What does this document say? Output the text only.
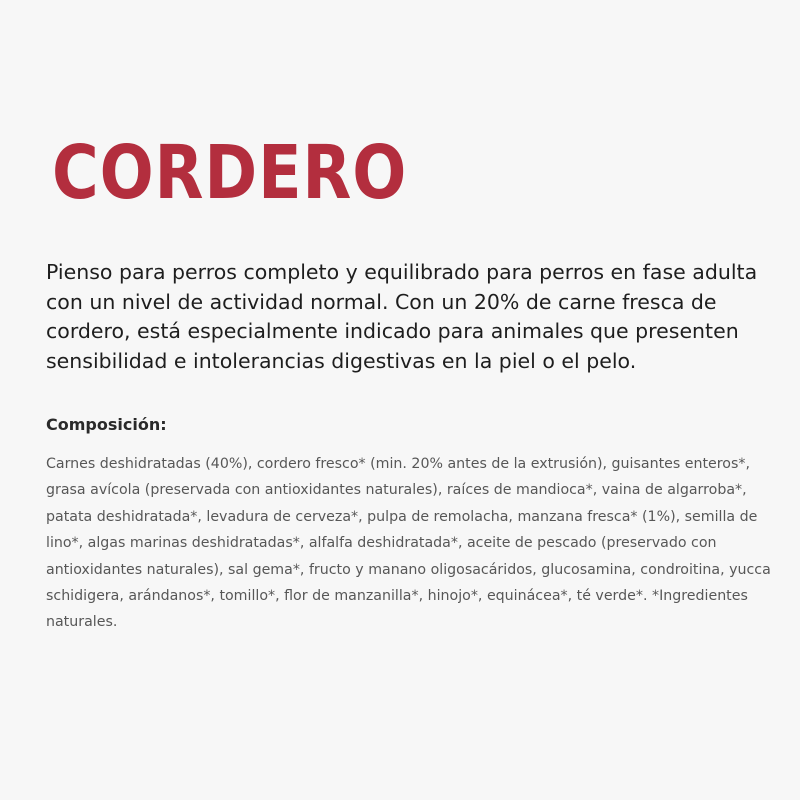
CORDERO

Pienso para perros completo y equilibrado para perros en fase adulta con un nivel de actividad normal. Con un 20% de carne fresca de cordero, está especialmente indicado para animales que presenten sensibilidad e intolerancias digestivas en la piel o el pelo.

Composición:

Carnes deshidratadas (40%), cordero fresco* (min. 20% antes de la extrusión), guisantes enteros*, grasa avícola (preservada con antioxidantes naturales), raíces de mandioca*, vaina de algarroba*, patata deshidratada*, levadura de cerveza*, pulpa de remolacha, manzana fresca* (1%), semilla de lino*, algas marinas deshidratadas*, alfalfa deshidratada*, aceite de pescado (preservado con antioxidantes naturales), sal gema*, fructo y manano oligosacáridos, glucosamina, condroitina, yucca schidigera, arándanos*, tomillo*, flor de manzanilla*, hinojo*, equinácea*, té verde*. *Ingredientes naturales.
